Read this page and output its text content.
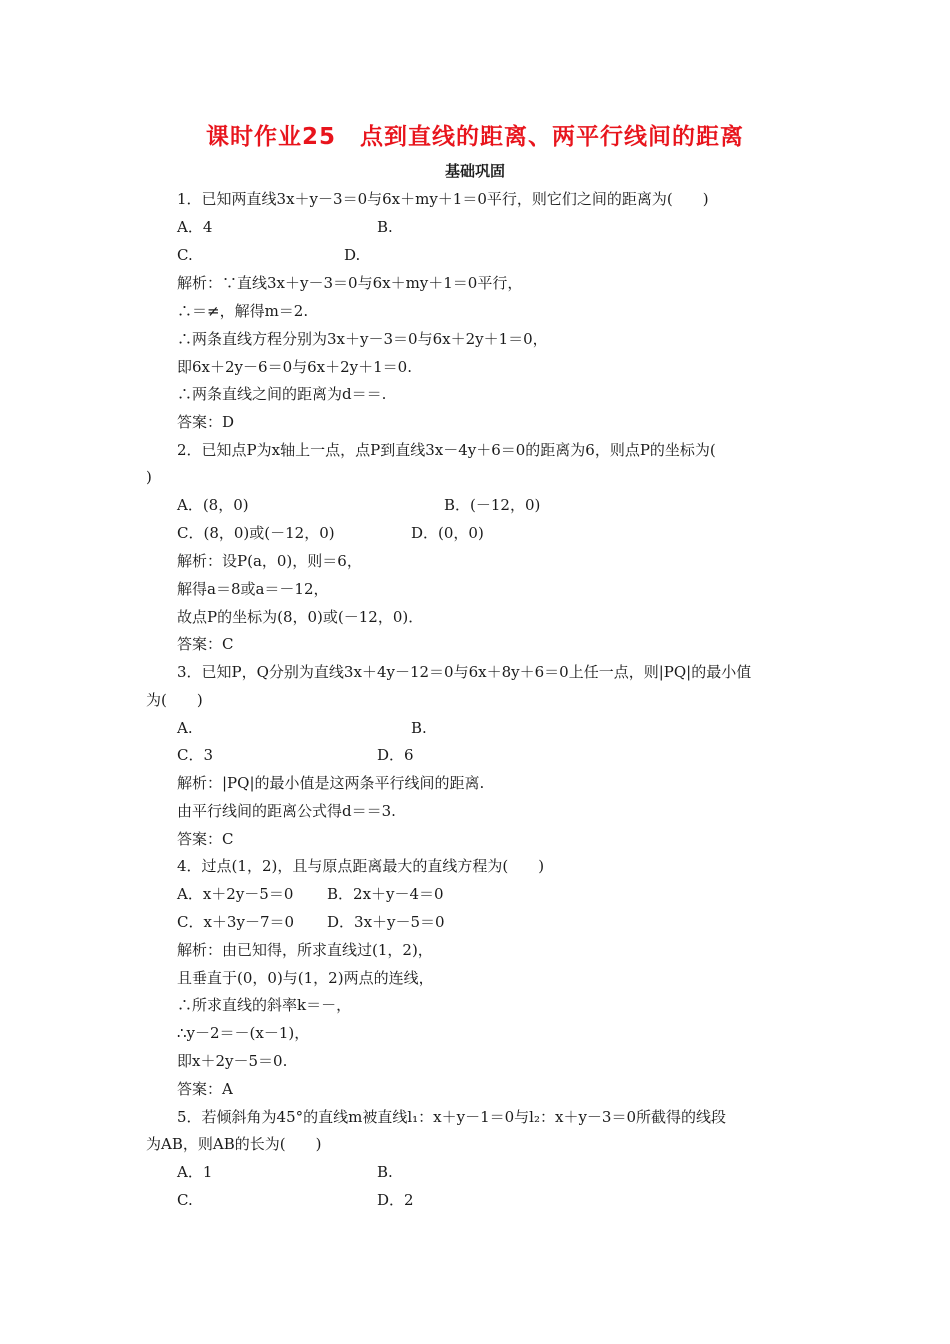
课时作业25　点到直线的距离、两平行线间的距离
基础巩固
1．已知两直线3x＋y－3＝0与6x＋my＋1＝0平行，则它们之间的距离为(　　)
A．4	B.
C.	D.
解析：∵直线3x＋y－3＝0与6x＋my＋1＝0平行，
∴＝≠，解得m＝2.
∴两条直线方程分别为3x＋y－3＝0与6x＋2y＋1＝0，
即6x＋2y－6＝0与6x＋2y＋1＝0.
∴两条直线之间的距离为d＝＝.
答案：D
2．已知点P为x轴上一点，点P到直线3x－4y＋6＝0的距离为6，则点P的坐标为(
)
A．(8，0)	B．(－12，0)
C．(8，0)或(－12，0)	D．(0，0)
解析：设P(a，0)，则＝6，
解得a＝8或a＝－12，
故点P的坐标为(8，0)或(－12，0)．
答案：C
3．已知P，Q分别为直线3x＋4y－12＝0与6x＋8y＋6＝0上任一点，则|PQ|的最小值
为(　　)
A.	B.
C．3	D．6
解析：|PQ|的最小值是这两条平行线间的距离.
由平行线间的距离公式得d＝＝3.
答案：C
4．过点(1，2)，且与原点距离最大的直线方程为(　　)
A．x＋2y－5＝0 B．2x＋y－4＝0
C．x＋3y－7＝0 D．3x＋y－5＝0
解析：由已知得，所求直线过(1，2)，
且垂直于(0，0)与(1，2)两点的连线，
∴所求直线的斜率k＝－，
∴y－2＝－(x－1)，
即x＋2y－5＝0.
答案：A
5．若倾斜角为45°的直线m被直线l₁：x＋y－1＝0与l₂：x＋y－3＝0所截得的线段
为AB，则AB的长为(　　)
A．1	B.
C.	D．2
